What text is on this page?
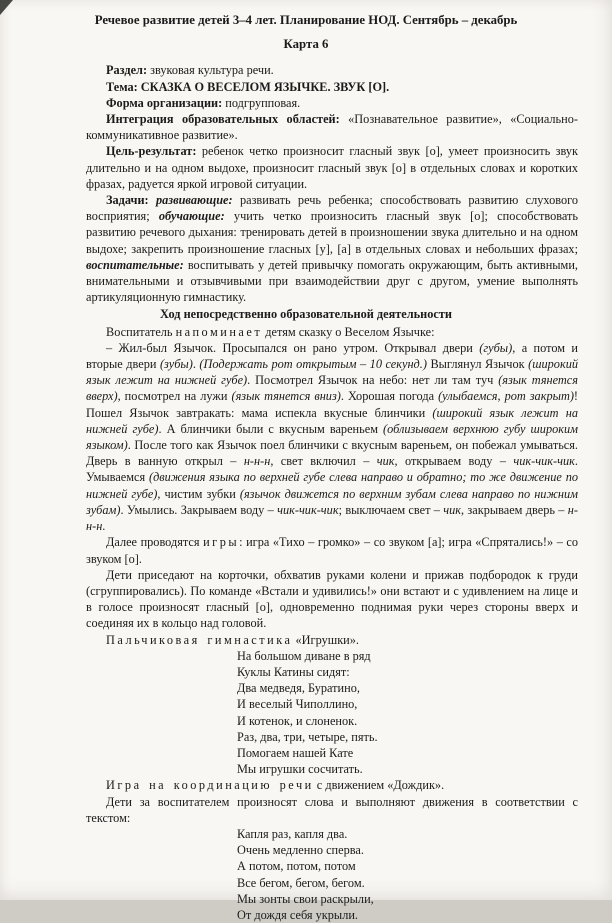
Речевое развитие детей 3–4 лет. Планирование НОД. Сентябрь – декабрь

Карта 6

Раздел: звуковая культура речи.

Тема: СКАЗКА О ВЕСЕЛОМ ЯЗЫЧКЕ. ЗВУК [О].

Форма организации: подгрупповая.

Интеграция образовательных областей: «Познавательное развитие», «Социально-коммуникативное развитие».

Цель-результат: ребенок четко произносит гласный звук [о], умеет произносить звук длительно и на одном выдохе, произносит гласный звук [о] в отдельных словах и коротких фразах, радуется яркой игровой ситуации.

Задачи: развивающие: развивать речь ребенка; способствовать развитию слухового восприятия; обучающие: учить четко произносить гласный звук [о]; способствовать развитию речевого дыхания: тренировать детей в произношении звука длительно и на одном выдохе; закрепить произношение гласных [у], [а] в отдельных словах и небольших фразах; воспитательные: воспитывать у детей привычку помогать окружающим, быть активными, внимательными и отзывчивыми при взаимодействии друг с другом, умение выполнять артикуляционную гимнастику.

Ход непосредственно образовательной деятельности

Воспитатель напоминает детям сказку о Веселом Язычке:

– Жил-был Язычок. Просыпался он рано утром. Открывал двери (губы), а потом и вторые двери (зубы). (Подержать рот открытым – 10 секунд.) Выглянул Язычок (широкий язык лежит на нижней губе). Посмотрел Язычок на небо: нет ли там туч (язык тянется вверх), посмотрел на лужи (язык тянется вниз). Хорошая погода (улыбаемся, рот закрыт)! Пошел Язычок завтракать: мама испекла вкусные блинчики (широкий язык лежит на нижней губе). А блинчики были с вкусным вареньем (облизываем верхнюю губу широким языком). После того как Язычок поел блинчики с вкусным вареньем, он побежал умываться. Дверь в ванную открыл – н-н-н, свет включил – чик, открываем воду – чик-чик-чик. Умываемся (движения языка по верхней губе слева направо и обратно; то же движение по нижней губе), чистим зубки (язычок движется по верхним зубам слева направо по нижним зубам). Умылись. Закрываем воду – чик-чик-чик; выключаем свет – чик, закрываем дверь – н-н-н.

Далее проводятся игры: игра «Тихо – громко» – со звуком [а]; игра «Спрятались!» – со звуком [о].

Дети приседают на корточки, обхватив руками колени и прижав подбородок к груди (сгруппировались). По команде «Встали и удивились!» они встают и с удивлением на лице и в голосе произносят гласный [о], одновременно поднимая руки через стороны вверх и соединяя их в кольцо над головой.

Пальчиковая гимнастика «Игрушки».

На большом диване в ряд

Куклы Катины сидят:

Два медведя, Буратино,

И веселый Чиполлино,

И котенок, и слоненок.

Раз, два, три, четыре, пять.

Помогаем нашей Кате

Мы игрушки сосчитать.

Игра на координацию речи с движением «Дождик».

Дети за воспитателем произносят слова и выполняют движения в соответствии с текстом:

Капля раз, капля два.

Очень медленно сперва.

А потом, потом, потом

Все бегом, бегом, бегом.

Мы зонты свои раскрыли,

От дождя себя укрыли.
